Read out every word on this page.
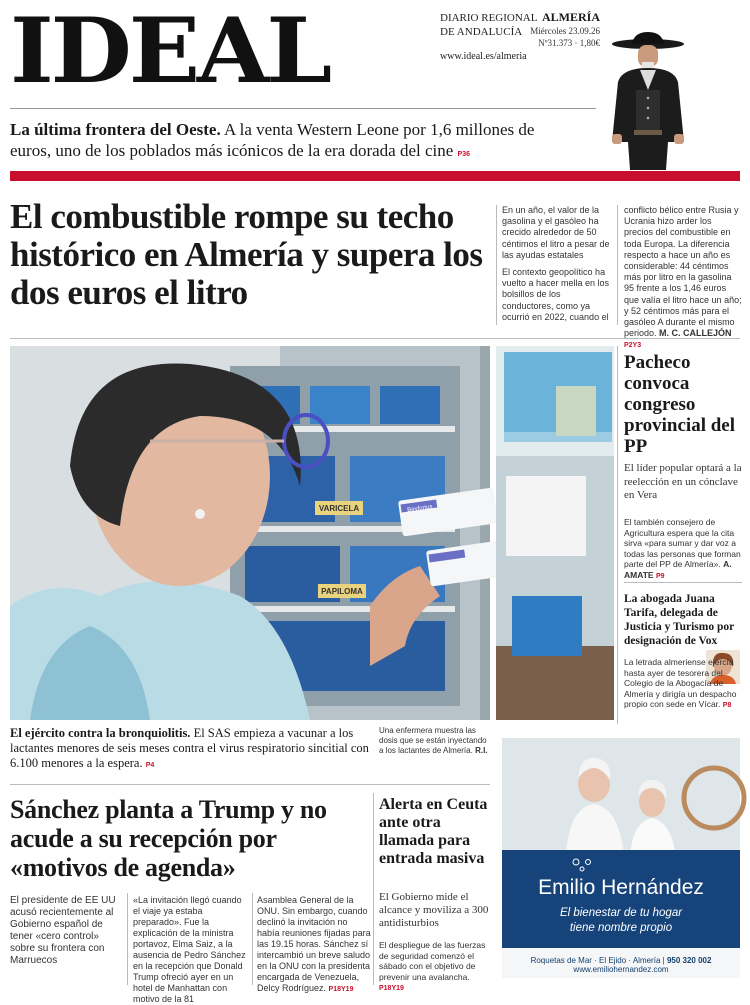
IDEAL	DIARIO REGIONAL
DE ANDALUCÍA
www.ideal.es/almeria
ALMERÍA
Miércoles 23.09.26
Nº31.373 · 1,80€
La última frontera del Oeste. A la venta Western Leone por 1,6 millones de euros, uno de los poblados más icónicos de la era dorada del cine P36
El combustible rompe su techo histórico en Almería y supera los dos euros el litro

En un año, el valor de la gasolina y el gasóleo ha crecido alrededor de 50 céntimos el litro a pesar de las ayudas estatales

El contexto geopolítico ha vuelto a hacer mella en los bolsillos de los conductores, como ya ocurrió en 2022, cuando el

conflicto bélico entre Rusia y Ucrania hizo arder los precios del combustible en toda Europa. La diferencia respecto a hace un año es considerable: 44 céntimos más por litro en la gasolina 95 frente a los 1,46 euros que valía el litro hace un año; y 52 céntimos más para el gasóleo A durante el mismo periodo. M. C. CALLEJÓN P2Y3
VARICELA
PAPILOMA
Beyfortus
El ejército contra la bronquiolitis. El SAS empieza a vacunar a los lactantes menores de seis meses contra el virus respiratorio sincitial con 6.100 menores a la espera. P4
Una enfermera muestra las dosis que se están inyectando a los lactantes de Almería. R.I.
Pacheco convoca congreso provincial del PP
El líder popular optará a la reelección en un cónclave en Vera
El también consejero de Agricultura espera que la cita sirva «para sumar y dar voz a todas las personas que forman parte del PP de Almería». A. AMATE P9
La abogada Juana Tarifa, delegada de Justicia y Turismo por designación de Vox
La letrada almeriense ejercía hasta ayer de tesorera del Colegio de la Abogacía de Almería y dirigía un despacho propio con sede en Vícar. P8
Sánchez planta a Trump y no acude a su recepción por «motivos de agenda»
El presidente de EE UU acusó recientemente al Gobierno español de tener «cero control» sobre su frontera con Marruecos
«La invitación llegó cuando el viaje ya estaba preparado». Fue la explicación de la ministra portavoz, Elma Saiz, a la ausencia de Pedro Sánchez en la recepción que Donald Trump ofreció ayer en un hotel de Manhattan con motivo de la 81
Asamblea General de la ONU. Sin embargo, cuando declinó la invitación no había reuniones fijadas para las 19.15 horas. Sánchez sí intercambió un breve saludo en la ONU con la presidenta encargada de Venezuela, Delcy Rodríguez. P18Y19
Alerta en Ceuta ante otra llamada para entrada masiva
El Gobierno mide el alcance y moviliza a 300 antidisturbios
El despliegue de las fuerzas de seguridad comenzó el sábado con el objetivo de prevenir una avalancha. P18Y19
Emilio Hernández
El bienestar de tu hogar
tiene nombre propio
Roquetas de Mar · El Ejido · Almería | 950 320 002
www.emiliohernandez.com
